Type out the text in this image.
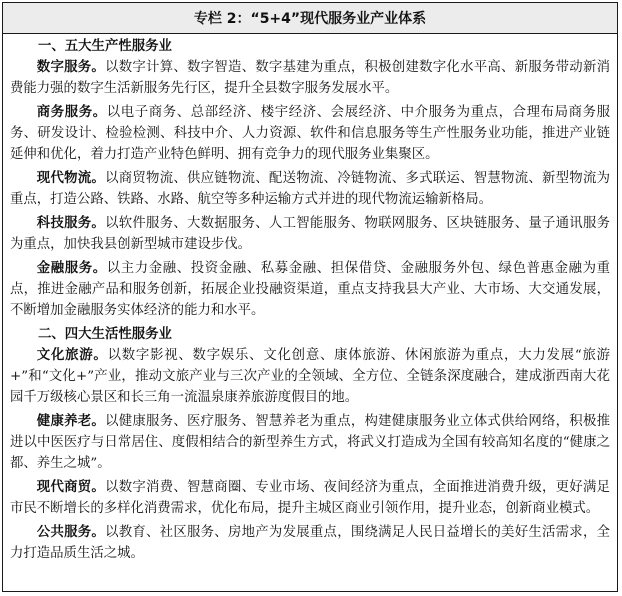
专栏 2：“5+4”现代服务业产业体系

一、五大生产性服务业

数字服务。以数字计算、数字智造、数字基建为重点，积极创建数字化水平高、新服务带动新消费能力强的数字生活新服务先行区，提升全县数字服务发展水平。

商务服务。以电子商务、总部经济、楼宇经济、会展经济、中介服务为重点，合理布局商务服务、研发设计、检验检测、科技中介、人力资源、软件和信息服务等生产性服务业功能，推进产业链延伸和优化，着力打造产业特色鲜明、拥有竞争力的现代服务业集聚区。

现代物流。以商贸物流、供应链物流、配送物流、冷链物流、多式联运、智慧物流、新型物流为重点，打造公路、铁路、水路、航空等多种运输方式并进的现代物流运输新格局。

科技服务。以软件服务、大数据服务、人工智能服务、物联网服务、区块链服务、量子通讯服务为重点，加快我县创新型城市建设步伐。

金融服务。以主力金融、投资金融、私募金融、担保借贷、金融服务外包、绿色普惠金融为重点，推进金融产品和服务创新，拓展企业投融资渠道，重点支持我县大产业、大市场、大交通发展，不断增加金融服务实体经济的能力和水平。

二、四大生活性服务业

文化旅游。以数字影视、数字娱乐、文化创意、康体旅游、休闲旅游为重点，大力发展“旅游+”和“文化+”产业，推动文旅产业与三次产业的全领域、全方位、全链条深度融合，建成浙西南大花园千万级核心景区和长三角一流温泉康养旅游度假目的地。

健康养老。以健康服务、医疗服务、智慧养老为重点，构建健康服务业立体式供给网络，积极推进以中医医疗与日常居住、度假相结合的新型养生方式，将武义打造成为全国有较高知名度的“健康之都、养生之城”。

现代商贸。以数字消费、智慧商圈、专业市场、夜间经济为重点，全面推进消费升级，更好满足市民不断增长的多样化消费需求，优化布局，提升主城区商业引领作用，提升业态，创新商业模式。

公共服务。以教育、社区服务、房地产为发展重点，围绕满足人民日益增长的美好生活需求，全力打造品质生活之城。
